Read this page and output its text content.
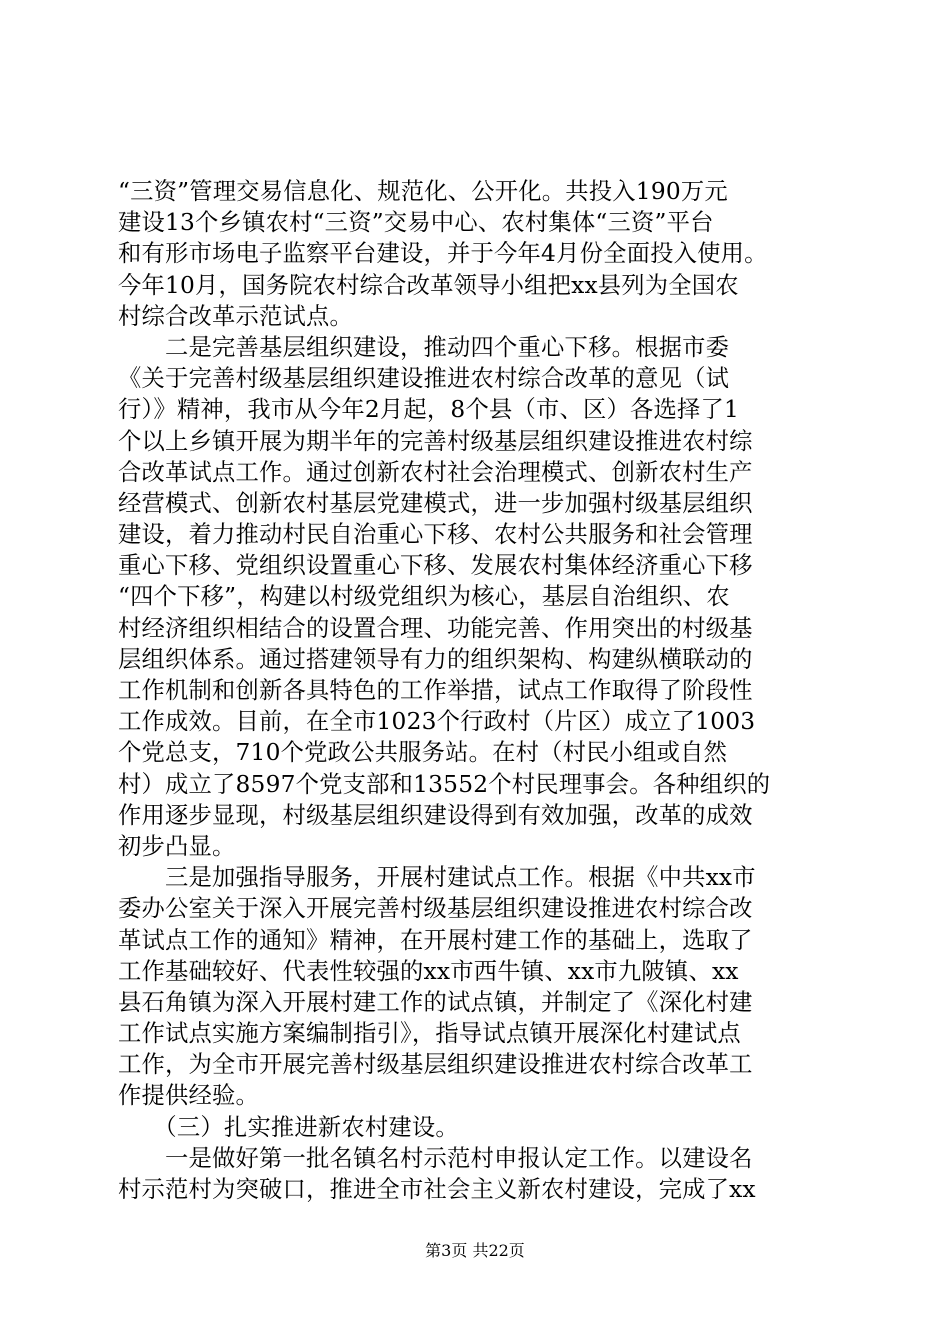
“三资”管理交易信息化、规范化、公开化。共投入190万元
建设13个乡镇农村“三资”交易中心、农村集体“三资”平台
和有形市场电子监察平台建设，并于今年4月份全面投入使用。
今年10月，国务院农村综合改革领导小组把xx县列为全国农
村综合改革示范试点。
　　二是完善基层组织建设，推动四个重心下移。根据市委
《关于完善村级基层组织建设推进农村综合改革的意见（试
行）》精神，我市从今年2月起，8个县（市、区）各选择了1
个以上乡镇开展为期半年的完善村级基层组织建设推进农村综
合改革试点工作。通过创新农村社会治理模式、创新农村生产
经营模式、创新农村基层党建模式，进一步加强村级基层组织
建设，着力推动村民自治重心下移、农村公共服务和社会管理
重心下移、党组织设置重心下移、发展农村集体经济重心下移
“四个下移”，构建以村级党组织为核心，基层自治组织、农
村经济组织相结合的设置合理、功能完善、作用突出的村级基
层组织体系。通过搭建领导有力的组织架构、构建纵横联动的
工作机制和创新各具特色的工作举措，试点工作取得了阶段性
工作成效。目前，在全市1023个行政村（片区）成立了1003
个党总支，710个党政公共服务站。在村（村民小组或自然
村）成立了8597个党支部和13552个村民理事会。各种组织的
作用逐步显现，村级基层组织建设得到有效加强，改革的成效
初步凸显。
　　三是加强指导服务，开展村建试点工作。根据《中共xx市
委办公室关于深入开展完善村级基层组织建设推进农村综合改
革试点工作的通知》精神，在开展村建工作的基础上，选取了
工作基础较好、代表性较强的xx市西牛镇、xx市九陂镇、xx
县石角镇为深入开展村建工作的试点镇，并制定了《深化村建
工作试点实施方案编制指引》，指导试点镇开展深化村建试点
工作，为全市开展完善村级基层组织建设推进农村综合改革工
作提供经验。
　　（三）扎实推进新农村建设。
　　一是做好第一批名镇名村示范村申报认定工作。以建设名
村示范村为突破口，推进全市社会主义新农村建设，完成了xx
第3页 共22页
